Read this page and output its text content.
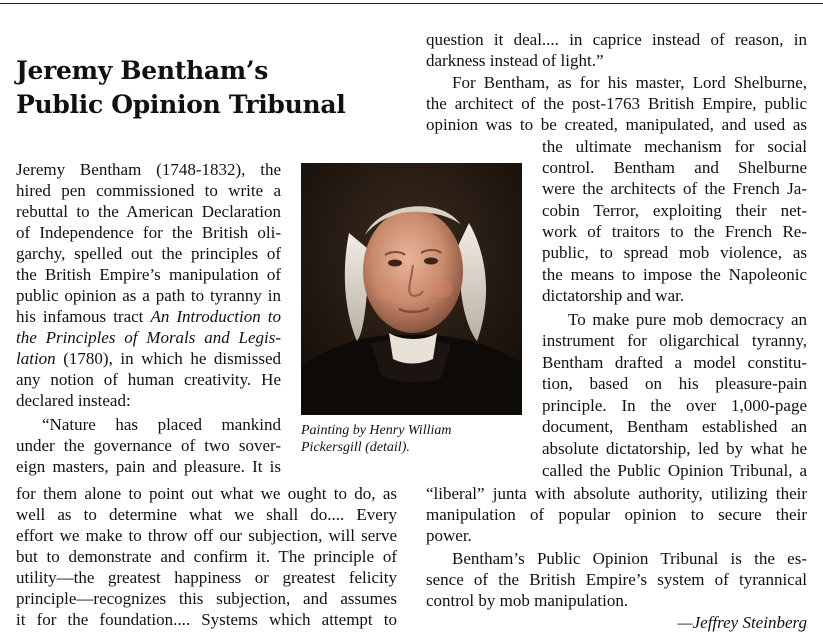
Jeremy Bentham’s
Public Opinion Tribunal
Jeremy Bentham (1748-1832), the
hired pen commissioned to write a
rebuttal to the American Declaration
of Independence for the British oli-
garchy, spelled out the principles of
the British Empire’s manipulation of
public opinion as a path to tyranny in
his infamous tract An Introduction to
the Principles of Morals and Legis-
lation (1780), in which he dismissed
any notion of human creativity. He
declared instead:
“Nature has placed mankind
under the governance of two sover-
eign masters, pain and pleasure. It is
for them alone to point out what we ought to do, as
well as to determine what we shall do.... Every
effort we make to throw off our subjection, will serve
but to demonstrate and confirm it. The principle of
utility—the greatest happiness or greatest felicity
principle—recognizes this subjection, and assumes
it for the foundation.... Systems which attempt to
Painting by Henry William
Pickersgill (detail).
question it deal.... in caprice instead of reason, in
darkness instead of light.”
For Bentham, as for his master, Lord Shelburne,
the architect of the post-1763 British Empire, public
opinion was to be created, manipulated, and used as
the ultimate mechanism for social
control. Bentham and Shelburne
were the architects of the French Ja-
cobin Terror, exploiting their net-
work of traitors to the French Re-
public, to spread mob violence, as
the means to impose the Napoleonic
dictatorship and war.
To make pure mob democracy an
instrument for oligarchical tyranny,
Bentham drafted a model constitu-
tion, based on his pleasure-pain
principle. In the over 1,000-page
document, Bentham established an
absolute dictatorship, led by what he
called the Public Opinion Tribunal, a
“liberal” junta with absolute authority, utilizing their
manipulation of popular opinion to secure their
power.
Bentham’s Public Opinion Tribunal is the es-
sence of the British Empire’s system of tyrannical
control by mob manipulation.
—Jeffrey Steinberg
